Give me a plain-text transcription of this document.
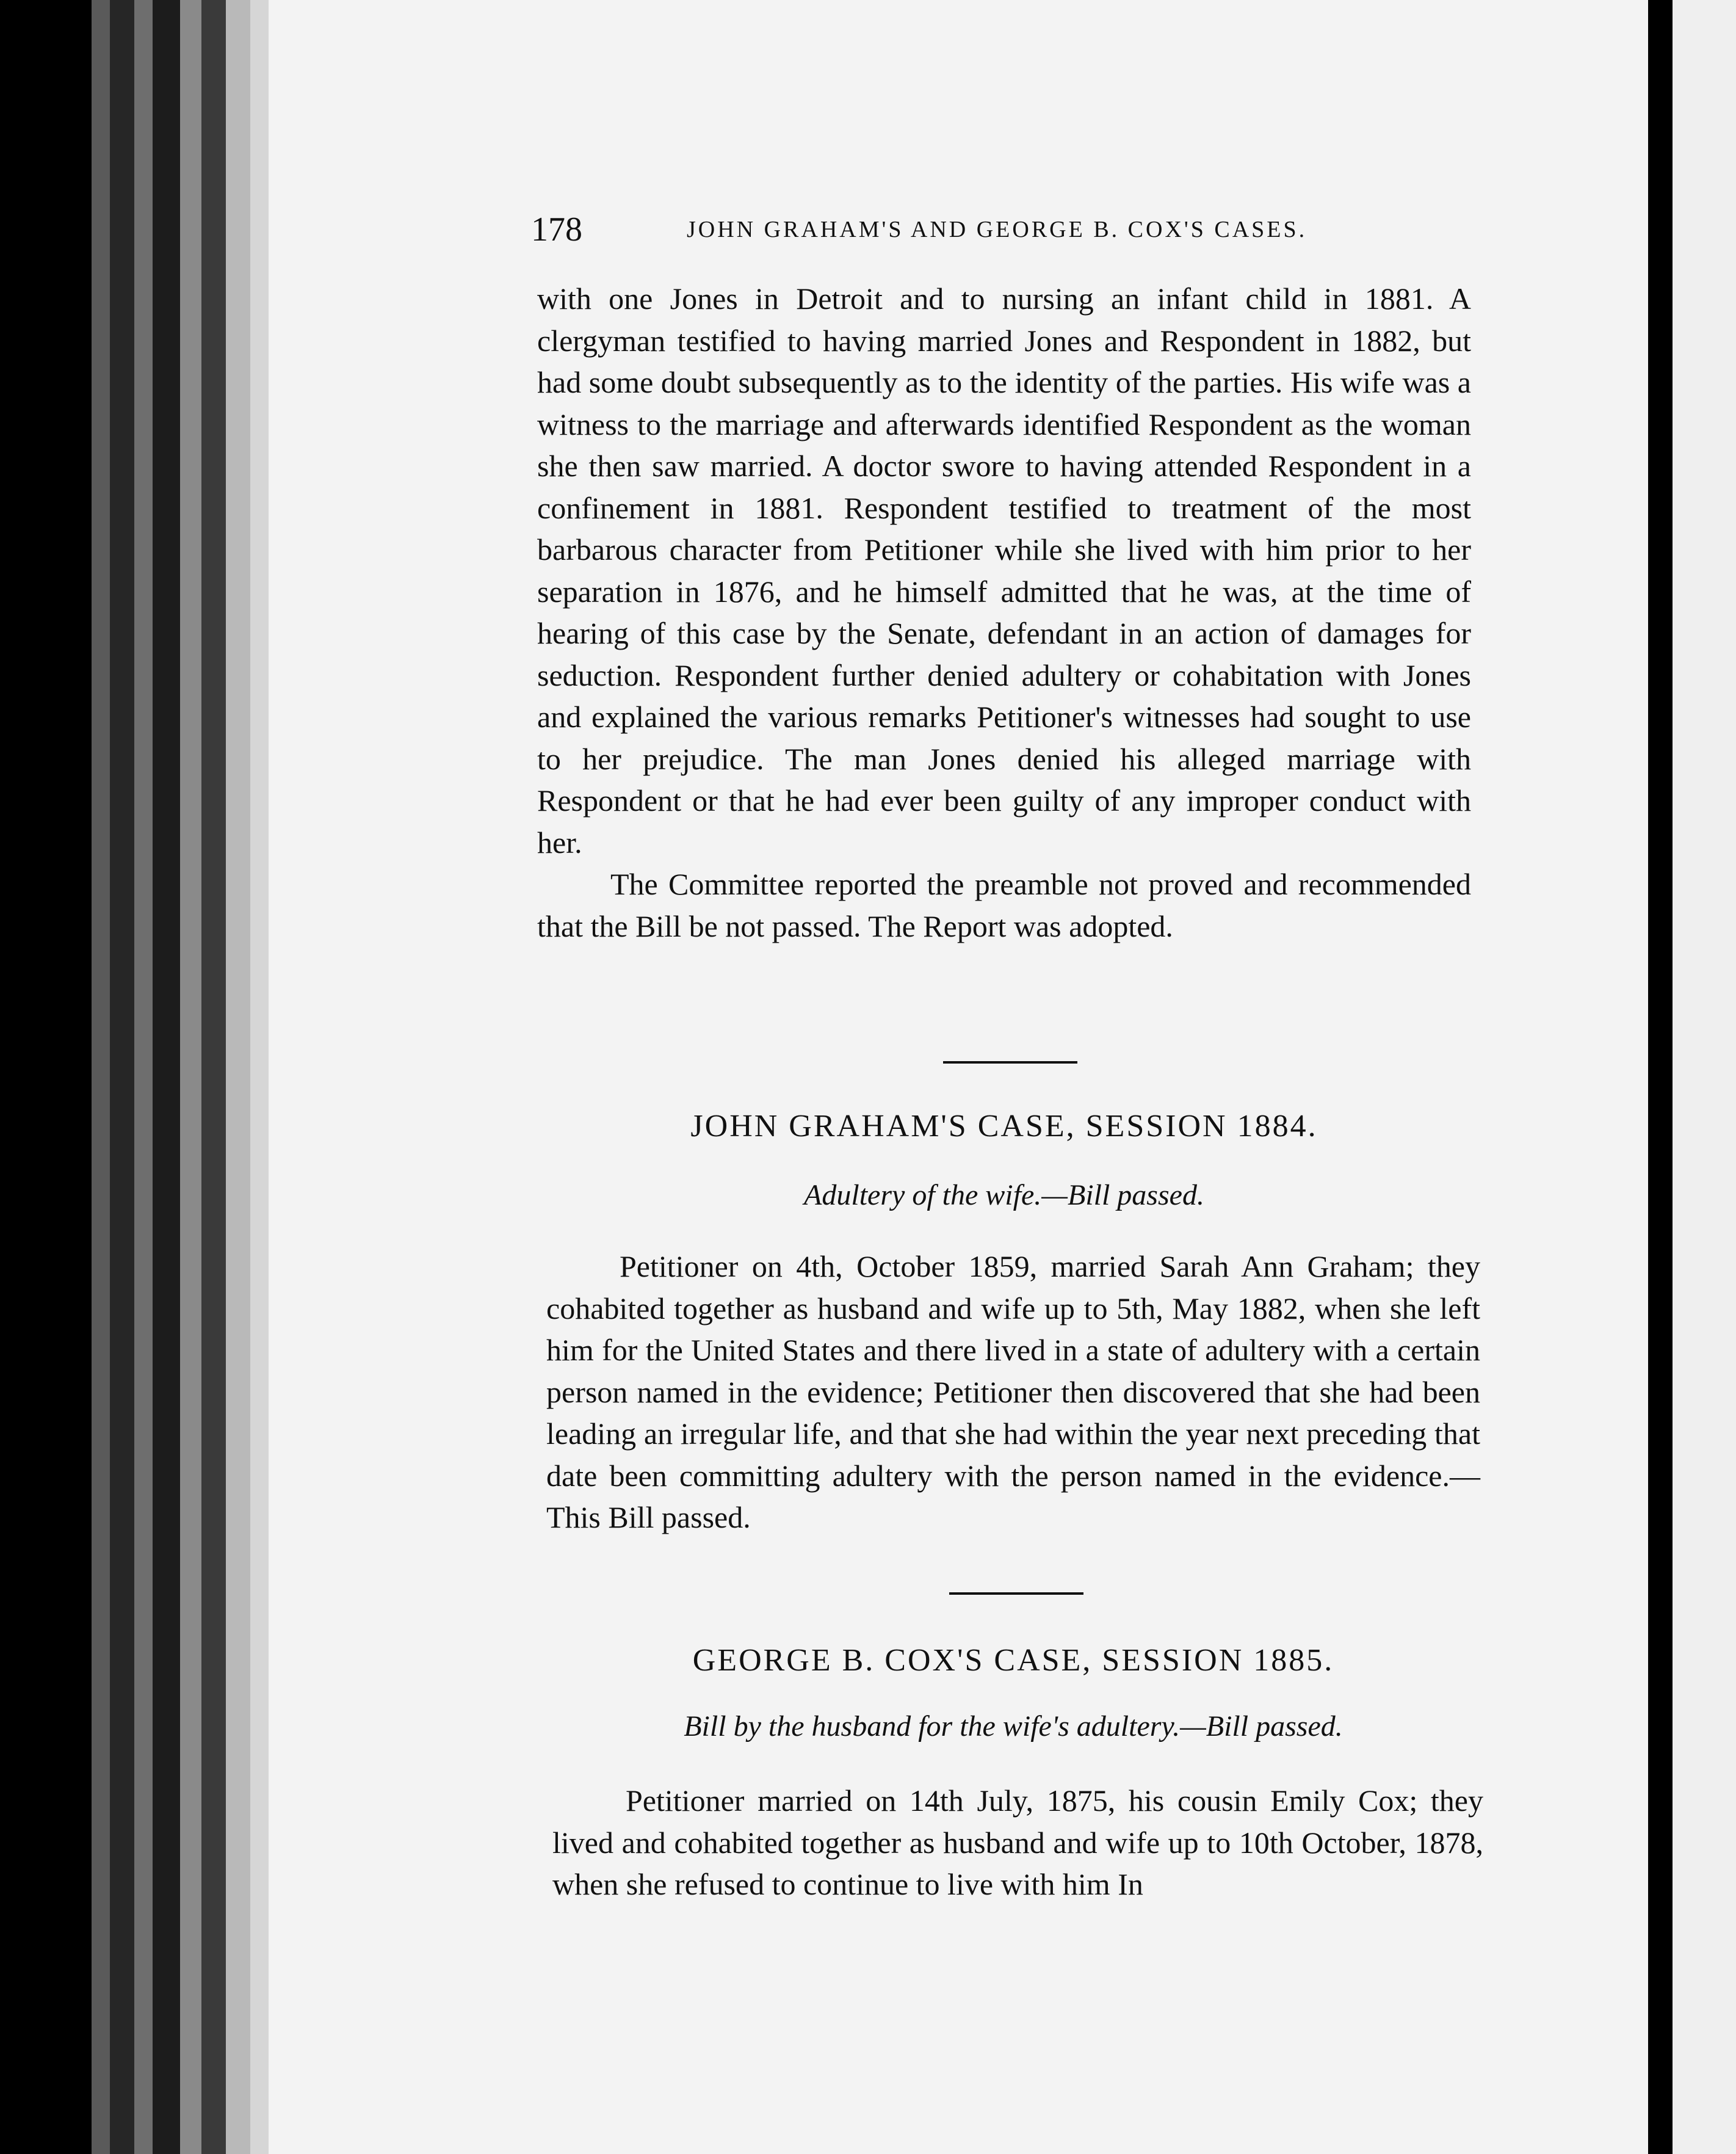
178	JOHN GRAHAM'S AND GEORGE B. COX'S CASES.

with one Jones in Detroit and to nursing an infant child in 1881. A clergyman testified to having married Jones and Respondent in 1882, but had some doubt subsequently as to the identity of the parties. His wife was a witness to the marriage and afterwards identified Respondent as the woman she then saw married. A doctor swore to having attended Respondent in a confinement in 1881. Respondent testified to treatment of the most barbarous character from Petitioner while she lived with him prior to her separation in 1876, and he himself admitted that he was, at the time of hearing of this case by the Senate, defendant in an action of damages for seduction. Respondent further denied adultery or cohabitation with Jones and explained the various remarks Petitioner's witnesses had sought to use to her prejudice. The man Jones denied his alleged marriage with Respondent or that he had ever been guilty of any improper conduct with her.

The Committee reported the preamble not proved and recommended that the Bill be not passed. The Report was adopted.

JOHN GRAHAM'S CASE, SESSION 1884.
Adultery of the wife.—Bill passed.

Petitioner on 4th, October 1859, married Sarah Ann Graham; they cohabited together as husband and wife up to 5th, May 1882, when she left him for the United States and there lived in a state of adultery with a certain person named in the evidence; Petitioner then discovered that she had been leading an irregular life, and that she had within the year next preceding that date been committing adultery with the person named in the evidence.— This Bill passed.

GEORGE B. COX'S CASE, SESSION 1885.
Bill by the husband for the wife's adultery.—Bill passed.

Petitioner married on 14th July, 1875, his cousin Emily Cox; they lived and cohabited together as husband and wife up to 10th October, 1878, when she refused to continue to live with him In
